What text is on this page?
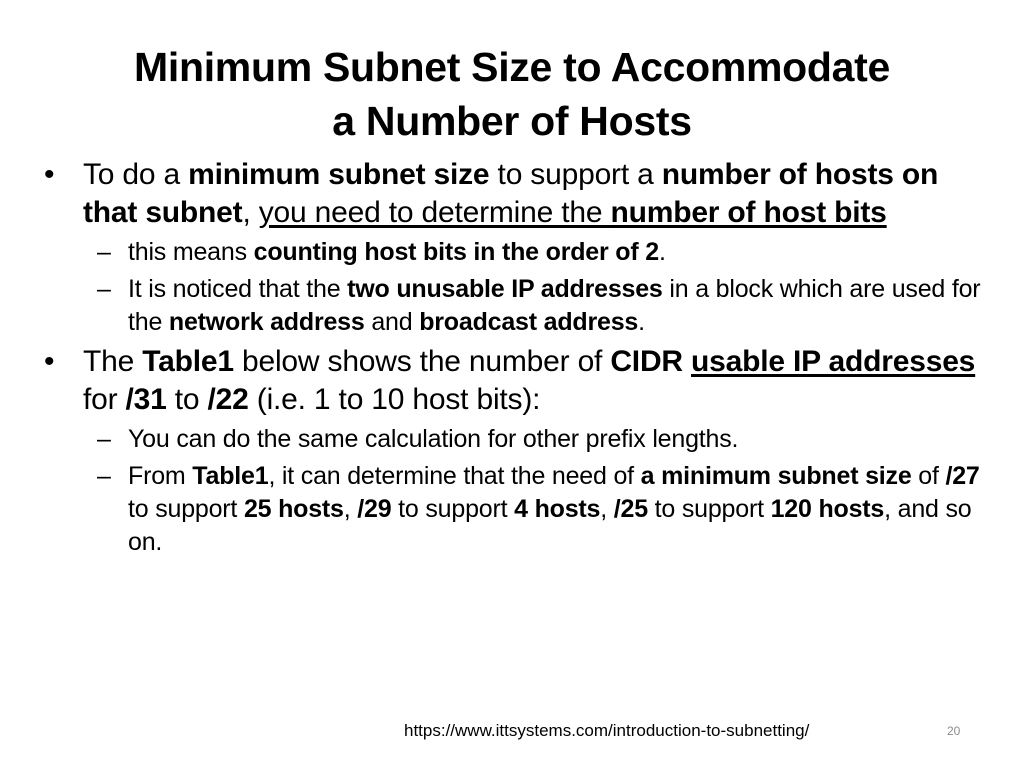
Minimum Subnet Size to Accommodate
a Number of Hosts
• To do a minimum subnet size to support a number of hosts on that subnet, you need to determine the number of host bits
– this means counting host bits in the order of 2.
– It is noticed that the two unusable IP addresses in a block which are used for the network address and broadcast address.
• The Table1 below shows the number of CIDR usable IP addresses for /31 to /22 (i.e. 1 to 10 host bits):
– You can do the same calculation for other prefix lengths.
– From Table1, it can determine that the need of a minimum subnet size of /27 to support 25 hosts, /29 to support 4 hosts, /25 to support 120 hosts, and so on.
https://www.ittsystems.com/introduction-to-subnetting/	20
